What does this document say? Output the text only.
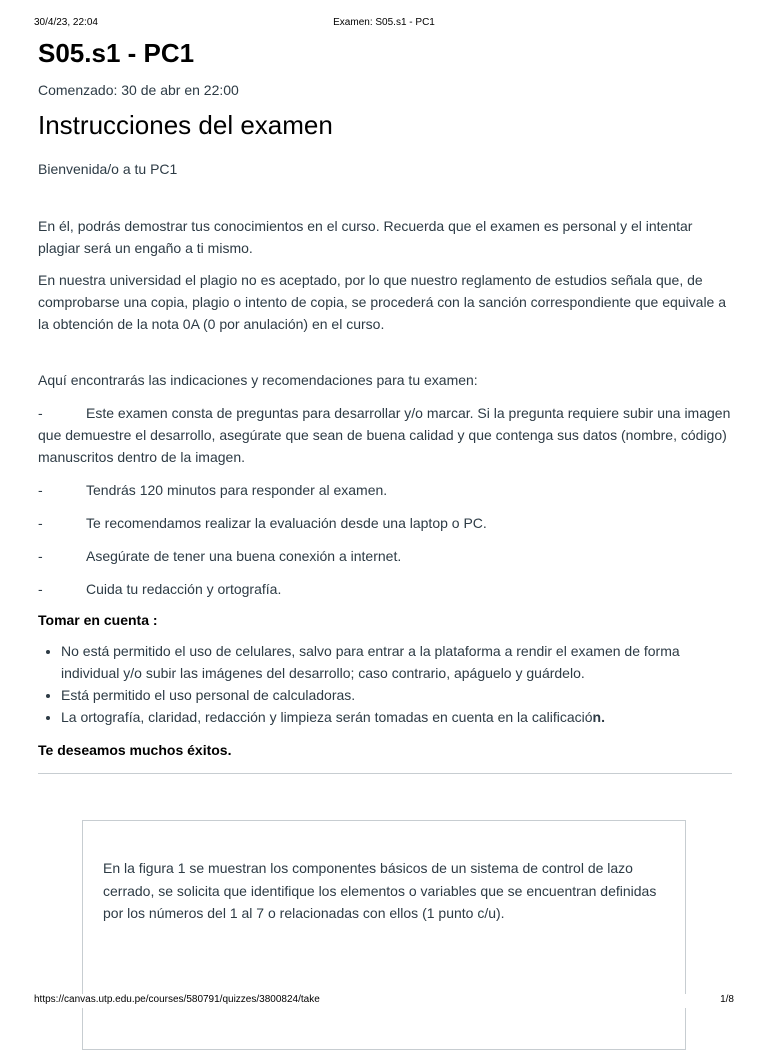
30/4/23, 22:04	Examen: S05.s1 - PC1
S05.s1 - PC1
Comenzado: 30 de abr en 22:00
Instrucciones del examen

Bienvenida/o a tu PC1

En él, podrás demostrar tus conocimientos en el curso. Recuerda que el examen es personal y el intentar plagiar será un engaño a ti mismo.

En nuestra universidad el plagio no es aceptado, por lo que nuestro reglamento de estudios señala que, de comprobarse una copia, plagio o intento de copia, se procederá con la sanción correspondiente que equivale a la obtención de la nota 0A (0 por anulación) en el curso.

Aquí encontrarás las indicaciones y recomendaciones para tu examen:

-	Este examen consta de preguntas para desarrollar y/o marcar. Si la pregunta requiere subir una imagen que demuestre el desarrollo, asegúrate que sean de buena calidad y que contenga sus datos (nombre, código) manuscritos dentro de la imagen.

-	Tendrás 120 minutos para responder al examen.

-	Te recomendamos realizar la evaluación desde una laptop o PC.

-	Asegúrate de tener una buena conexión a internet.

-	Cuida tu redacción y ortografía.

Tomar en cuenta :
• No está permitido el uso de celulares, salvo para entrar a la plataforma a rendir el examen de forma individual y/o subir las imágenes del desarrollo; caso contrario, apáguelo y guárdelo.
• Está permitido el uso personal de calculadoras.
• La ortografía, claridad, redacción y limpieza serán tomadas en cuenta en la calificación.
Te deseamos muchos éxitos.

En la figura 1 se muestran los componentes básicos de un sistema de control de lazo cerrado, se solicita que identifique los elementos o variables que se encuentran definidas por los números del 1 al 7 o relacionadas con ellos (1 punto c/u).

https://canvas.utp.edu.pe/courses/580791/quizzes/3800824/take	1/8
